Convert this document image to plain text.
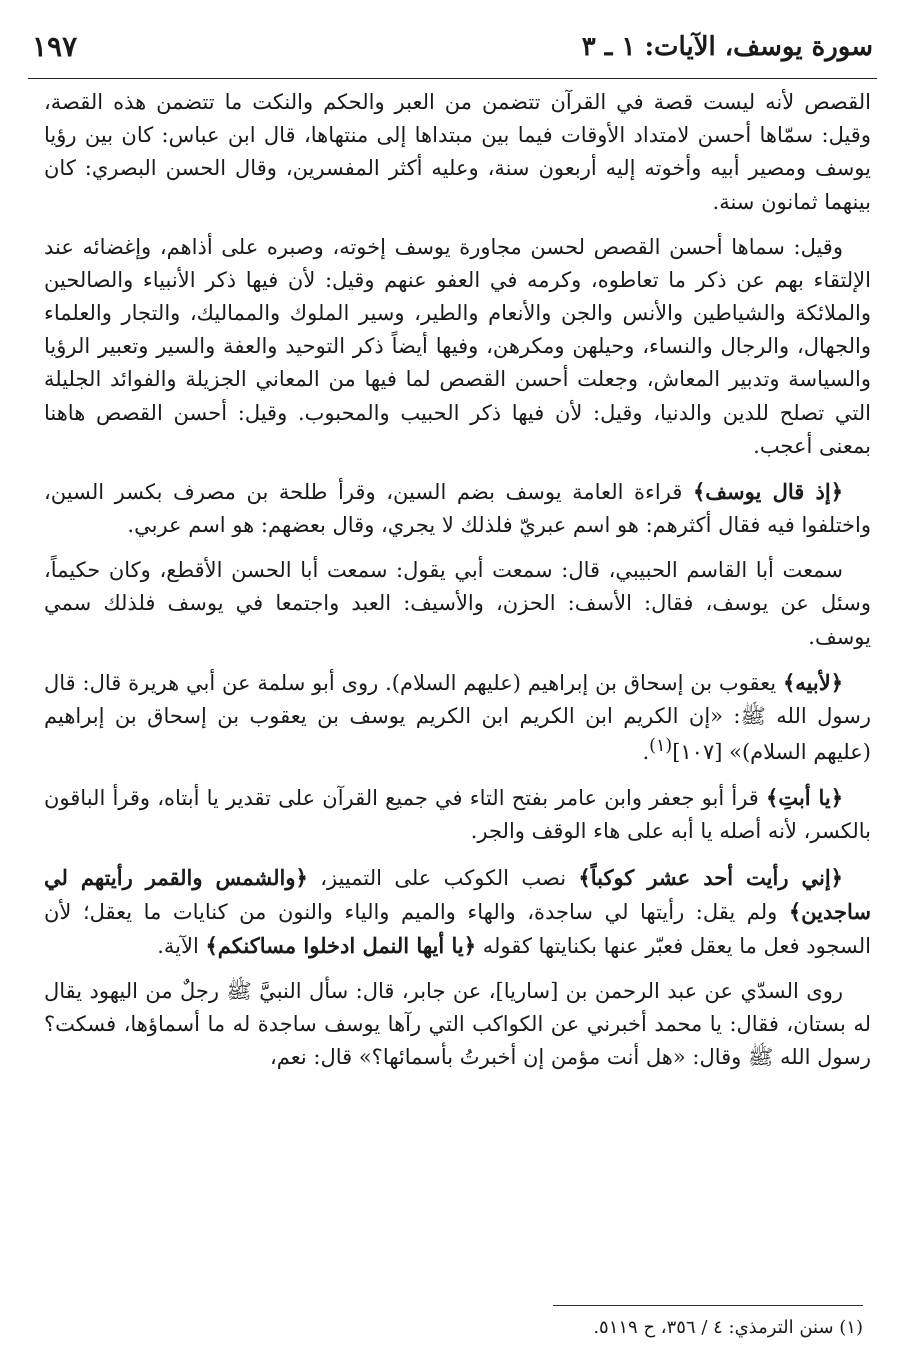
سورة يوسف، الآيات: ١ ـ ٣
١٩٧

القصص لأنه ليست قصة في القرآن تتضمن من العبر والحكم والنكت ما تتضمن هذه القصة، وقيل: سمّاها أحسن لامتداد الأوقات فيما بين مبتداها إلى منتهاها، قال ابن عباس: كان بين رؤيا يوسف ومصير أبيه وأخوته إليه أربعون سنة، وعليه أكثر المفسرين، وقال الحسن البصري: كان بينهما ثمانون سنة.

وقيل: سماها أحسن القصص لحسن مجاورة يوسف إخوته، وصبره على أذاهم، وإغضائه عند الإلتقاء بهم عن ذكر ما تعاطوه، وكرمه في العفو عنهم وقيل: لأن فيها ذكر الأنبياء والصالحين والملائكة والشياطين والأنس والجن والأنعام والطير، وسير الملوك والمماليك، والتجار والعلماء والجهال، والرجال والنساء، وحيلهن ومكرهن، وفيها أيضاً ذكر التوحيد والعفة والسير وتعبير الرؤيا والسياسة وتدبير المعاش، وجعلت أحسن القصص لما فيها من المعاني الجزيلة والفوائد الجليلة التي تصلح للدين والدنيا، وقيل: لأن فيها ذكر الحبيب والمحبوب. وقيل: أحسن القصص هاهنا بمعنى أعجب.

﴿إذ قال يوسف﴾ قراءة العامة يوسف بضم السين، وقرأ طلحة بن مصرف بكسر السين، واختلفوا فيه فقال أكثرهم: هو اسم عبريّ فلذلك لا يجري، وقال بعضهم: هو اسم عربي.

سمعت أبا القاسم الحبيبي، قال: سمعت أبي يقول: سمعت أبا الحسن الأقطع، وكان حكيماً، وسئل عن يوسف، فقال: الأسف: الحزن، والأسيف: العبد واجتمعا في يوسف فلذلك سمي يوسف.

﴿لأبيه﴾ يعقوب بن إسحاق بن إبراهيم (عليهم السلام). روى أبو سلمة عن أبي هريرة قال: قال رسول الله ﷺ: «إن الكريم ابن الكريم ابن الكريم يوسف بن يعقوب بن إسحاق بن إبراهيم (عليهم السلام)» [١٠٧]$^{(١)}$.

﴿يا أبتِ﴾ قرأ أبو جعفر وابن عامر بفتح التاء في جميع القرآن على تقدير يا أبتاه، وقرأ الباقون بالكسر، لأنه أصله يا أبه على هاء الوقف والجر.

﴿إني رأيت أحد عشر كوكباً﴾ نصب الكوكب على التمييز، ﴿والشمس والقمر رأيتهم لي ساجدين﴾ ولم يقل: رأيتها لي ساجدة، والهاء والميم والياء والنون من كنايات ما يعقل؛ لأن السجود فعل ما يعقل فعبّر عنها بكنايتها كقوله ﴿يا أيها النمل ادخلوا مساكنكم﴾ الآية.

روى السدّي عن عبد الرحمن بن [ساريا]، عن جابر، قال: سأل النبيَّ ﷺ رجلٌ من اليهود يقال له بستان، فقال: يا محمد أخبرني عن الكواكب التي رآها يوسف ساجدة له ما أسماؤها، فسكت؟ رسول الله ﷺ وقال: «هل أنت مؤمن إن أخبرتُ بأسمائها؟» قال: نعم،

(١) سنن الترمذي: ٤ / ٣٥٦، ح ٥١١٩.
